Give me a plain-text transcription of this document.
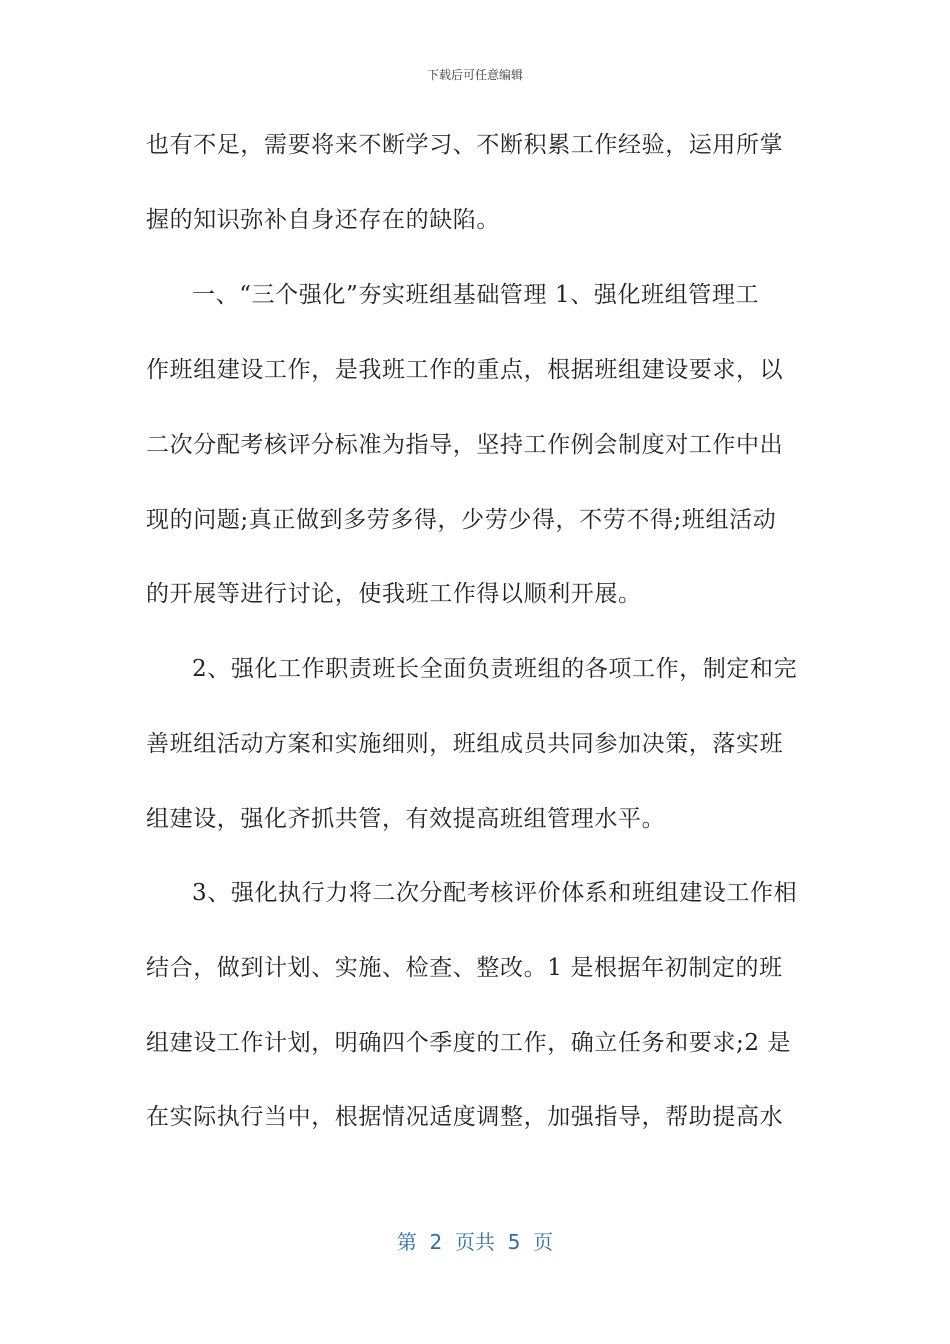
下载后可任意编辑
也有不足，需要将来不断学习、不断积累工作经验，运用所掌
握的知识弥补自身还存在的缺陷。
一、“三个强化”夯实班组基础管理 1、强化班组管理工
作班组建设工作，是我班工作的重点，根据班组建设要求，以
二次分配考核评分标准为指导，坚持工作例会制度对工作中出
现的问题;真正做到多劳多得，少劳少得，不劳不得;班组活动
的开展等进行讨论，使我班工作得以顺利开展。
2、强化工作职责班长全面负责班组的各项工作，制定和完
善班组活动方案和实施细则，班组成员共同参加决策，落实班
组建设，强化齐抓共管，有效提高班组管理水平。
3、强化执行力将二次分配考核评价体系和班组建设工作相
结合，做到计划、实施、检查、整改。1 是根据年初制定的班
组建设工作计划，明确四个季度的工作，确立任务和要求;2 是
在实际执行当中，根据情况适度调整，加强指导，帮助提高水
第  2  页共  5  页
